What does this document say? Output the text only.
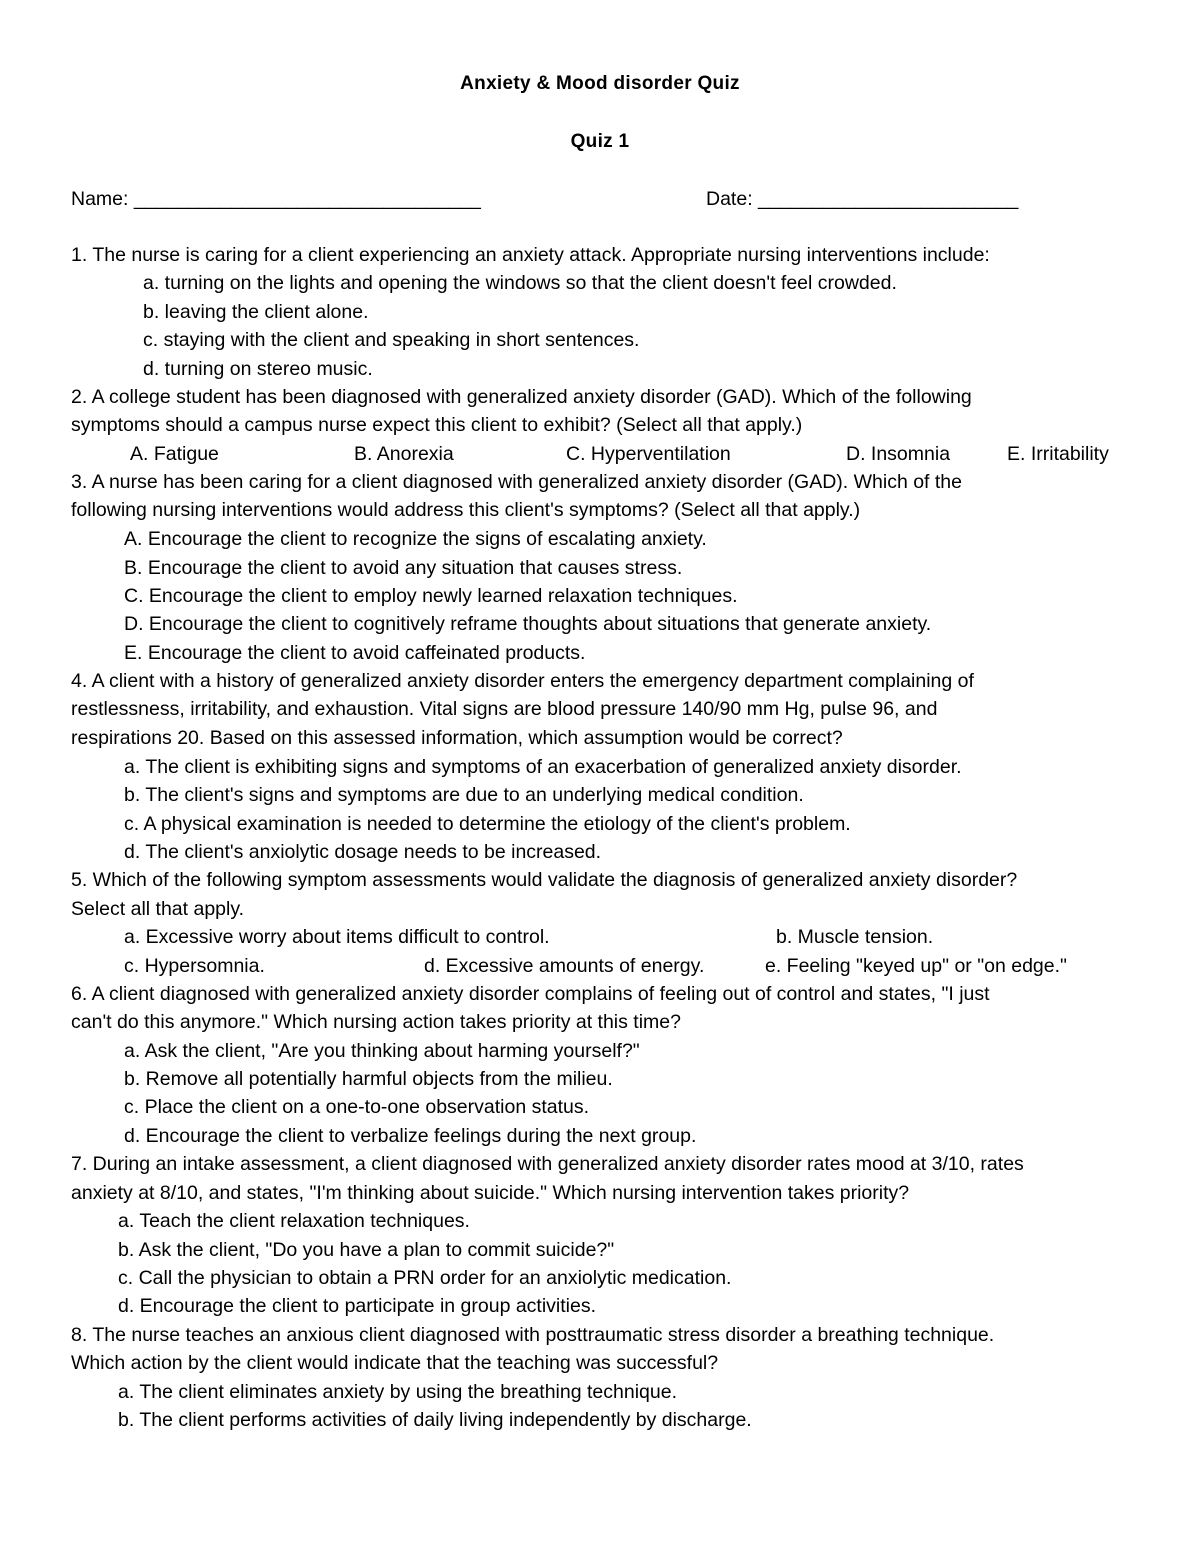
Anxiety & Mood disorder Quiz
Quiz 1
Name: ________________________________	Date: ________________________
1. The nurse is caring for a client experiencing an anxiety attack. Appropriate nursing interventions include:
a. turning on the lights and opening the windows so that the client doesn't feel crowded.
b. leaving the client alone.
c. staying with the client and speaking in short sentences.
d. turning on stereo music.
2. A college student has been diagnosed with generalized anxiety disorder (GAD). Which of the following
symptoms should a campus nurse expect this client to exhibit? (Select all that apply.)
A. Fatigue	B. Anorexia	C. Hyperventilation	D. Insomnia	E. Irritability
3. A nurse has been caring for a client diagnosed with generalized anxiety disorder (GAD). Which of the
following nursing interventions would address this client's symptoms? (Select all that apply.)
A. Encourage the client to recognize the signs of escalating anxiety.
B. Encourage the client to avoid any situation that causes stress.
C. Encourage the client to employ newly learned relaxation techniques.
D. Encourage the client to cognitively reframe thoughts about situations that generate anxiety.
E. Encourage the client to avoid caffeinated products.
4. A client with a history of generalized anxiety disorder enters the emergency department complaining of
restlessness, irritability, and exhaustion. Vital signs are blood pressure 140/90 mm Hg, pulse 96, and
respirations 20. Based on this assessed information, which assumption would be correct?
a. The client is exhibiting signs and symptoms of an exacerbation of generalized anxiety disorder.
b. The client's signs and symptoms are due to an underlying medical condition.
c. A physical examination is needed to determine the etiology of the client's problem.
d. The client's anxiolytic dosage needs to be increased.
5. Which of the following symptom assessments would validate the diagnosis of generalized anxiety disorder?
Select all that apply.
a. Excessive worry about items difficult to control.	b. Muscle tension.
c. Hypersomnia.	d. Excessive amounts of energy.	e. Feeling "keyed up" or "on edge."
6. A client diagnosed with generalized anxiety disorder complains of feeling out of control and states, "I just
can't do this anymore." Which nursing action takes priority at this time?
a. Ask the client, "Are you thinking about harming yourself?"
b. Remove all potentially harmful objects from the milieu.
c. Place the client on a one-to-one observation status.
d. Encourage the client to verbalize feelings during the next group.
7. During an intake assessment, a client diagnosed with generalized anxiety disorder rates mood at 3/10, rates
anxiety at 8/10, and states, "I'm thinking about suicide." Which nursing intervention takes priority?
a. Teach the client relaxation techniques.
b. Ask the client, "Do you have a plan to commit suicide?"
c. Call the physician to obtain a PRN order for an anxiolytic medication.
d. Encourage the client to participate in group activities.
8. The nurse teaches an anxious client diagnosed with posttraumatic stress disorder a breathing technique.
Which action by the client would indicate that the teaching was successful?
a. The client eliminates anxiety by using the breathing technique.
b. The client performs activities of daily living independently by discharge.
